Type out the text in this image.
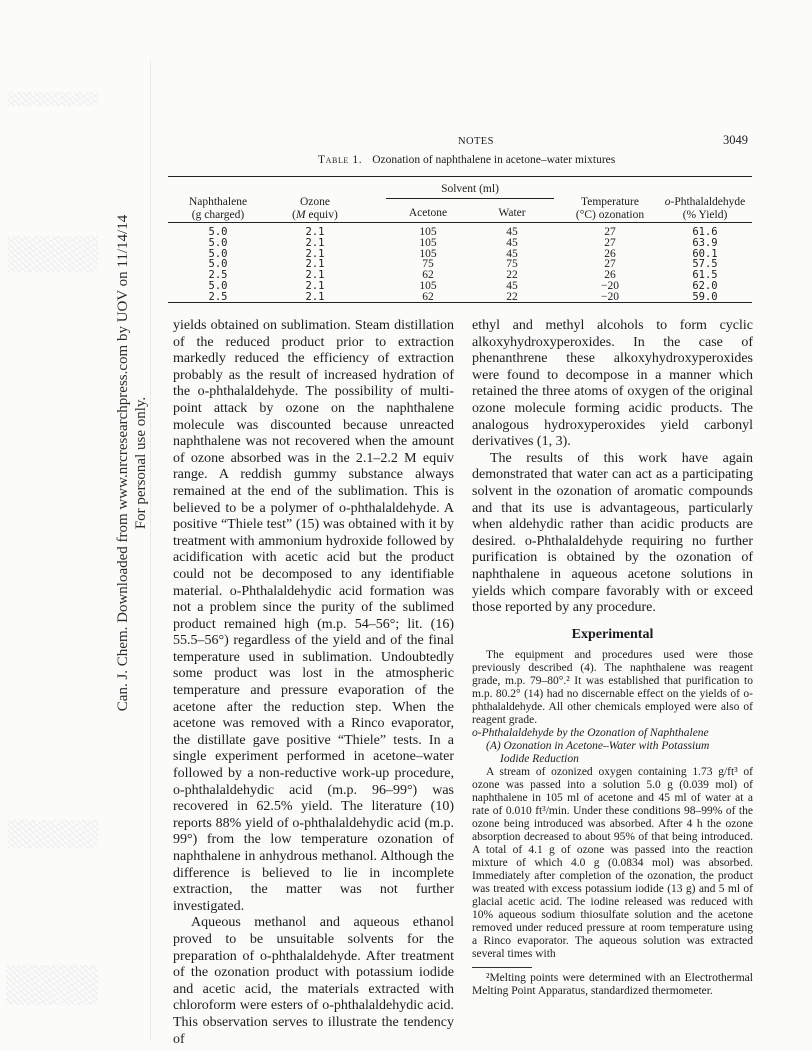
Can. J. Chem. Downloaded from www.nrcresearchpress.com by UOV on 11/14/14 For personal use only.
NOTES	3049
Table 1. Ozonation of naphthalene in acetone–water mixtures
Naphthalene
(g charged)
Ozone
(M equiv)
Solvent (ml)
Acetone	Water
Temperature
(°C) ozonation
o-Phthalaldehyde
(% Yield)
5.0
5.0
5.0
5.0
2.5
5.0
2.5
2.1
2.1
2.1
2.1
2.1
2.1
2.1
105
105
105
75
62
105
62
45
45
45
75
22
45
22
27
27
26
27
26
−20
−20
61.6
63.9
60.1
57.5
61.5
62.0
59.0

yields obtained on sublimation. Steam distillation of the reduced product prior to extraction markedly reduced the efficiency of extraction probably as the result of increased hydration of the o-phthalaldehyde. The possibility of multi-point attack by ozone on the naphthalene molecule was discounted because unreacted naphthalene was not recovered when the amount of ozone absorbed was in the 2.1–2.2 M equiv range. A reddish gummy substance always remained at the end of the sublimation. This is believed to be a polymer of o-phthalaldehyde. A positive “Thiele test” (15) was obtained with it by treatment with ammonium hydroxide followed by acidification with acetic acid but the product could not be decomposed to any identifiable material. o-Phthalaldehydic acid formation was not a problem since the purity of the sublimed product remained high (m.p. 54–56°; lit. (16) 55.5–56°) regardless of the yield and of the final temperature used in sublimation. Undoubtedly some product was lost in the atmospheric temperature and pressure evaporation of the acetone after the reduction step. When the acetone was removed with a Rinco evaporator, the distillate gave positive “Thiele” tests. In a single experiment performed in acetone–water followed by a non-reductive work-up procedure, o-phthalaldehydic acid (m.p. 96–99°) was recovered in 62.5% yield. The literature (10) reports 88% yield of o-phthalaldehydic acid (m.p. 99°) from the low temperature ozonation of naphthalene in anhydrous methanol. Although the difference is believed to lie in incomplete extraction, the matter was not further investigated.

Aqueous methanol and aqueous ethanol proved to be unsuitable solvents for the preparation of o-phthalaldehyde. After treatment of the ozonation product with potassium iodide and acetic acid, the materials extracted with chloroform were esters of o-phthalaldehydic acid. This observation serves to illustrate the tendency of

ethyl and methyl alcohols to form cyclic alkoxyhydroxyperoxides. In the case of phenanthrene these alkoxyhydroxyperoxides were found to decompose in a manner which retained the three atoms of oxygen of the original ozone molecule forming acidic products. The analogous hydroxyperoxides yield carbonyl derivatives (1, 3).

The results of this work have again demonstrated that water can act as a participating solvent in the ozonation of aromatic compounds and that its use is advantageous, particularly when aldehydic rather than acidic products are desired. o-Phthalaldehyde requiring no further purification is obtained by the ozonation of naphthalene in aqueous acetone solutions in yields which compare favorably with or exceed those reported by any procedure.

Experimental

The equipment and procedures used were those previously described (4). The naphthalene was reagent grade, m.p. 79–80°.² It was established that purification to m.p. 80.2° (14) had no discernable effect on the yields of o-phthalaldehyde. All other chemicals employed were also of reagent grade.

o-Phthalaldehyde by the Ozonation of Naphthalene

(A) Ozonation in Acetone–Water with Potassium

Iodide Reduction

A stream of ozonized oxygen containing 1.73 g/ft³ of ozone was passed into a solution 5.0 g (0.039 mol) of naphthalene in 105 ml of acetone and 45 ml of water at a rate of 0.010 ft³/min. Under these conditions 98–99% of the ozone being introduced was absorbed. After 4 h the ozone absorption decreased to about 95% of that being introduced. A total of 4.1 g of ozone was passed into the reaction mixture of which 4.0 g (0.0834 mol) was absorbed. Immediately after completion of the ozonation, the product was treated with excess potassium iodide (13 g) and 5 ml of glacial acetic acid. The iodine released was reduced with 10% aqueous sodium thiosulfate solution and the acetone removed under reduced pressure at room temperature using a Rinco evaporator. The aqueous solution was extracted several times with

²Melting points were determined with an Electrothermal Melting Point Apparatus, standardized thermometer.
